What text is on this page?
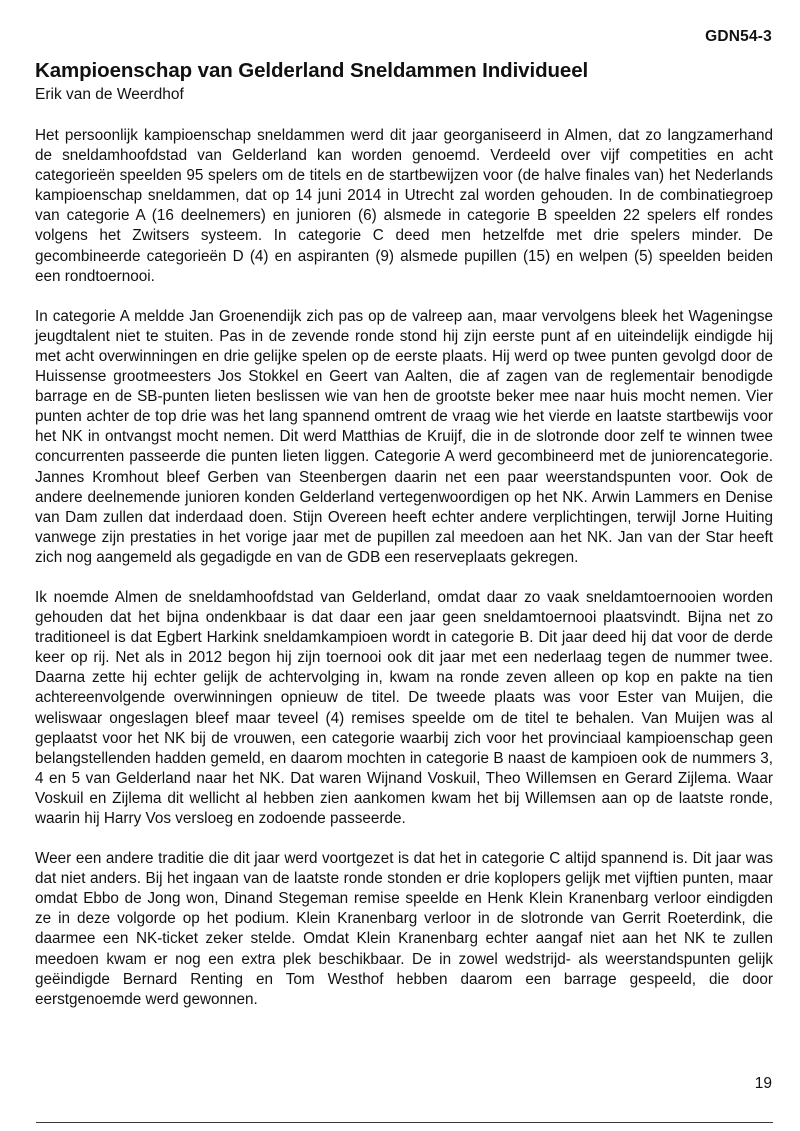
GDN54-3
Kampioenschap van Gelderland Sneldammen Individueel
Erik van de Weerdhof

Het persoonlijk kampioenschap sneldammen werd dit jaar georganiseerd in Almen, dat zo langzamerhand de sneldamhoofdstad van Gelderland kan worden genoemd. Verdeeld over vijf competities en acht categorieën speelden 95 spelers om de titels en de startbewijzen voor (de halve finales van) het Nederlands kampioenschap sneldammen, dat op 14 juni 2014 in Utrecht zal worden gehouden. In de combinatiegroep van categorie A (16 deelnemers) en junioren (6) alsmede in categorie B speelden 22 spelers elf rondes volgens het Zwitsers systeem. In categorie C deed men hetzelfde met drie spelers minder. De gecombineerde categorieën D (4) en aspiranten (9) alsmede pupillen (15) en welpen (5) speelden beiden een rondtoernooi.

In categorie A meldde Jan Groenendijk zich pas op de valreep aan, maar vervolgens bleek het Wageningse jeugdtalent niet te stuiten. Pas in de zevende ronde stond hij zijn eerste punt af en uiteindelijk eindigde hij met acht overwinningen en drie gelijke spelen op de eerste plaats. Hij werd op twee punten gevolgd door de Huissense grootmeesters Jos Stokkel en Geert van Aalten, die af zagen van de reglementair benodigde barrage en de SB-punten lieten beslissen wie van hen de grootste beker mee naar huis mocht nemen. Vier punten achter de top drie was het lang spannend omtrent de vraag wie het vierde en laatste startbewijs voor het NK in ontvangst mocht nemen. Dit werd Matthias de Kruijf, die in de slotronde door zelf te winnen twee concurrenten passeerde die punten lieten liggen. Categorie A werd gecombineerd met de juniorencategorie. Jannes Kromhout bleef Gerben van Steenbergen daarin net een paar weerstandspunten voor. Ook de andere deelnemende junioren konden Gelderland vertegenwoordigen op het NK. Arwin Lammers en Denise van Dam zullen dat inderdaad doen. Stijn Overeen heeft echter andere verplichtingen, terwijl Jorne Huiting vanwege zijn prestaties in het vorige jaar met de pupillen zal meedoen aan het NK. Jan van der Star heeft zich nog aangemeld als gegadigde en van de GDB een reserveplaats gekregen.

Ik noemde Almen de sneldamhoofdstad van Gelderland, omdat daar zo vaak sneldamtoernooien worden gehouden dat het bijna ondenkbaar is dat daar een jaar geen sneldamtoernooi plaatsvindt. Bijna net zo traditioneel is dat Egbert Harkink sneldamkampioen wordt in categorie B. Dit jaar deed hij dat voor de derde keer op rij. Net als in 2012 begon hij zijn toernooi ook dit jaar met een nederlaag tegen de nummer twee. Daarna zette hij echter gelijk de achtervolging in, kwam na ronde zeven alleen op kop en pakte na tien achtereenvolgende overwinningen opnieuw de titel. De tweede plaats was voor Ester van Muijen, die weliswaar ongeslagen bleef maar teveel (4) remises speelde om de titel te behalen. Van Muijen was al geplaatst voor het NK bij de vrouwen, een categorie waarbij zich voor het provinciaal kampioenschap geen belangstellenden hadden gemeld, en daarom mochten in categorie B naast de kampioen ook de nummers 3, 4 en 5 van Gelderland naar het NK. Dat waren Wijnand Voskuil, Theo Willemsen en Gerard Zijlema. Waar Voskuil en Zijlema dit wellicht al hebben zien aankomen kwam het bij Willemsen aan op de laatste ronde, waarin hij Harry Vos versloeg en zodoende passeerde.

Weer een andere traditie die dit jaar werd voortgezet is dat het in categorie C altijd spannend is. Dit jaar was dat niet anders. Bij het ingaan van de laatste ronde stonden er drie koplopers gelijk met vijftien punten, maar omdat Ebbo de Jong won, Dinand Stegeman remise speelde en Henk Klein Kranenbarg verloor eindigden ze in deze volgorde op het podium. Klein Kranenbarg verloor in de slotronde van Gerrit Roeterdink, die daarmee een NK-ticket zeker stelde. Omdat Klein Kranenbarg echter aangaf niet aan het NK te zullen meedoen kwam er nog een extra plek beschikbaar. De in zowel wedstrijd- als weerstandspunten gelijk geëindigde Bernard Renting en Tom Westhof hebben daarom een barrage gespeeld, die door eerstgenoemde werd gewonnen.

19
